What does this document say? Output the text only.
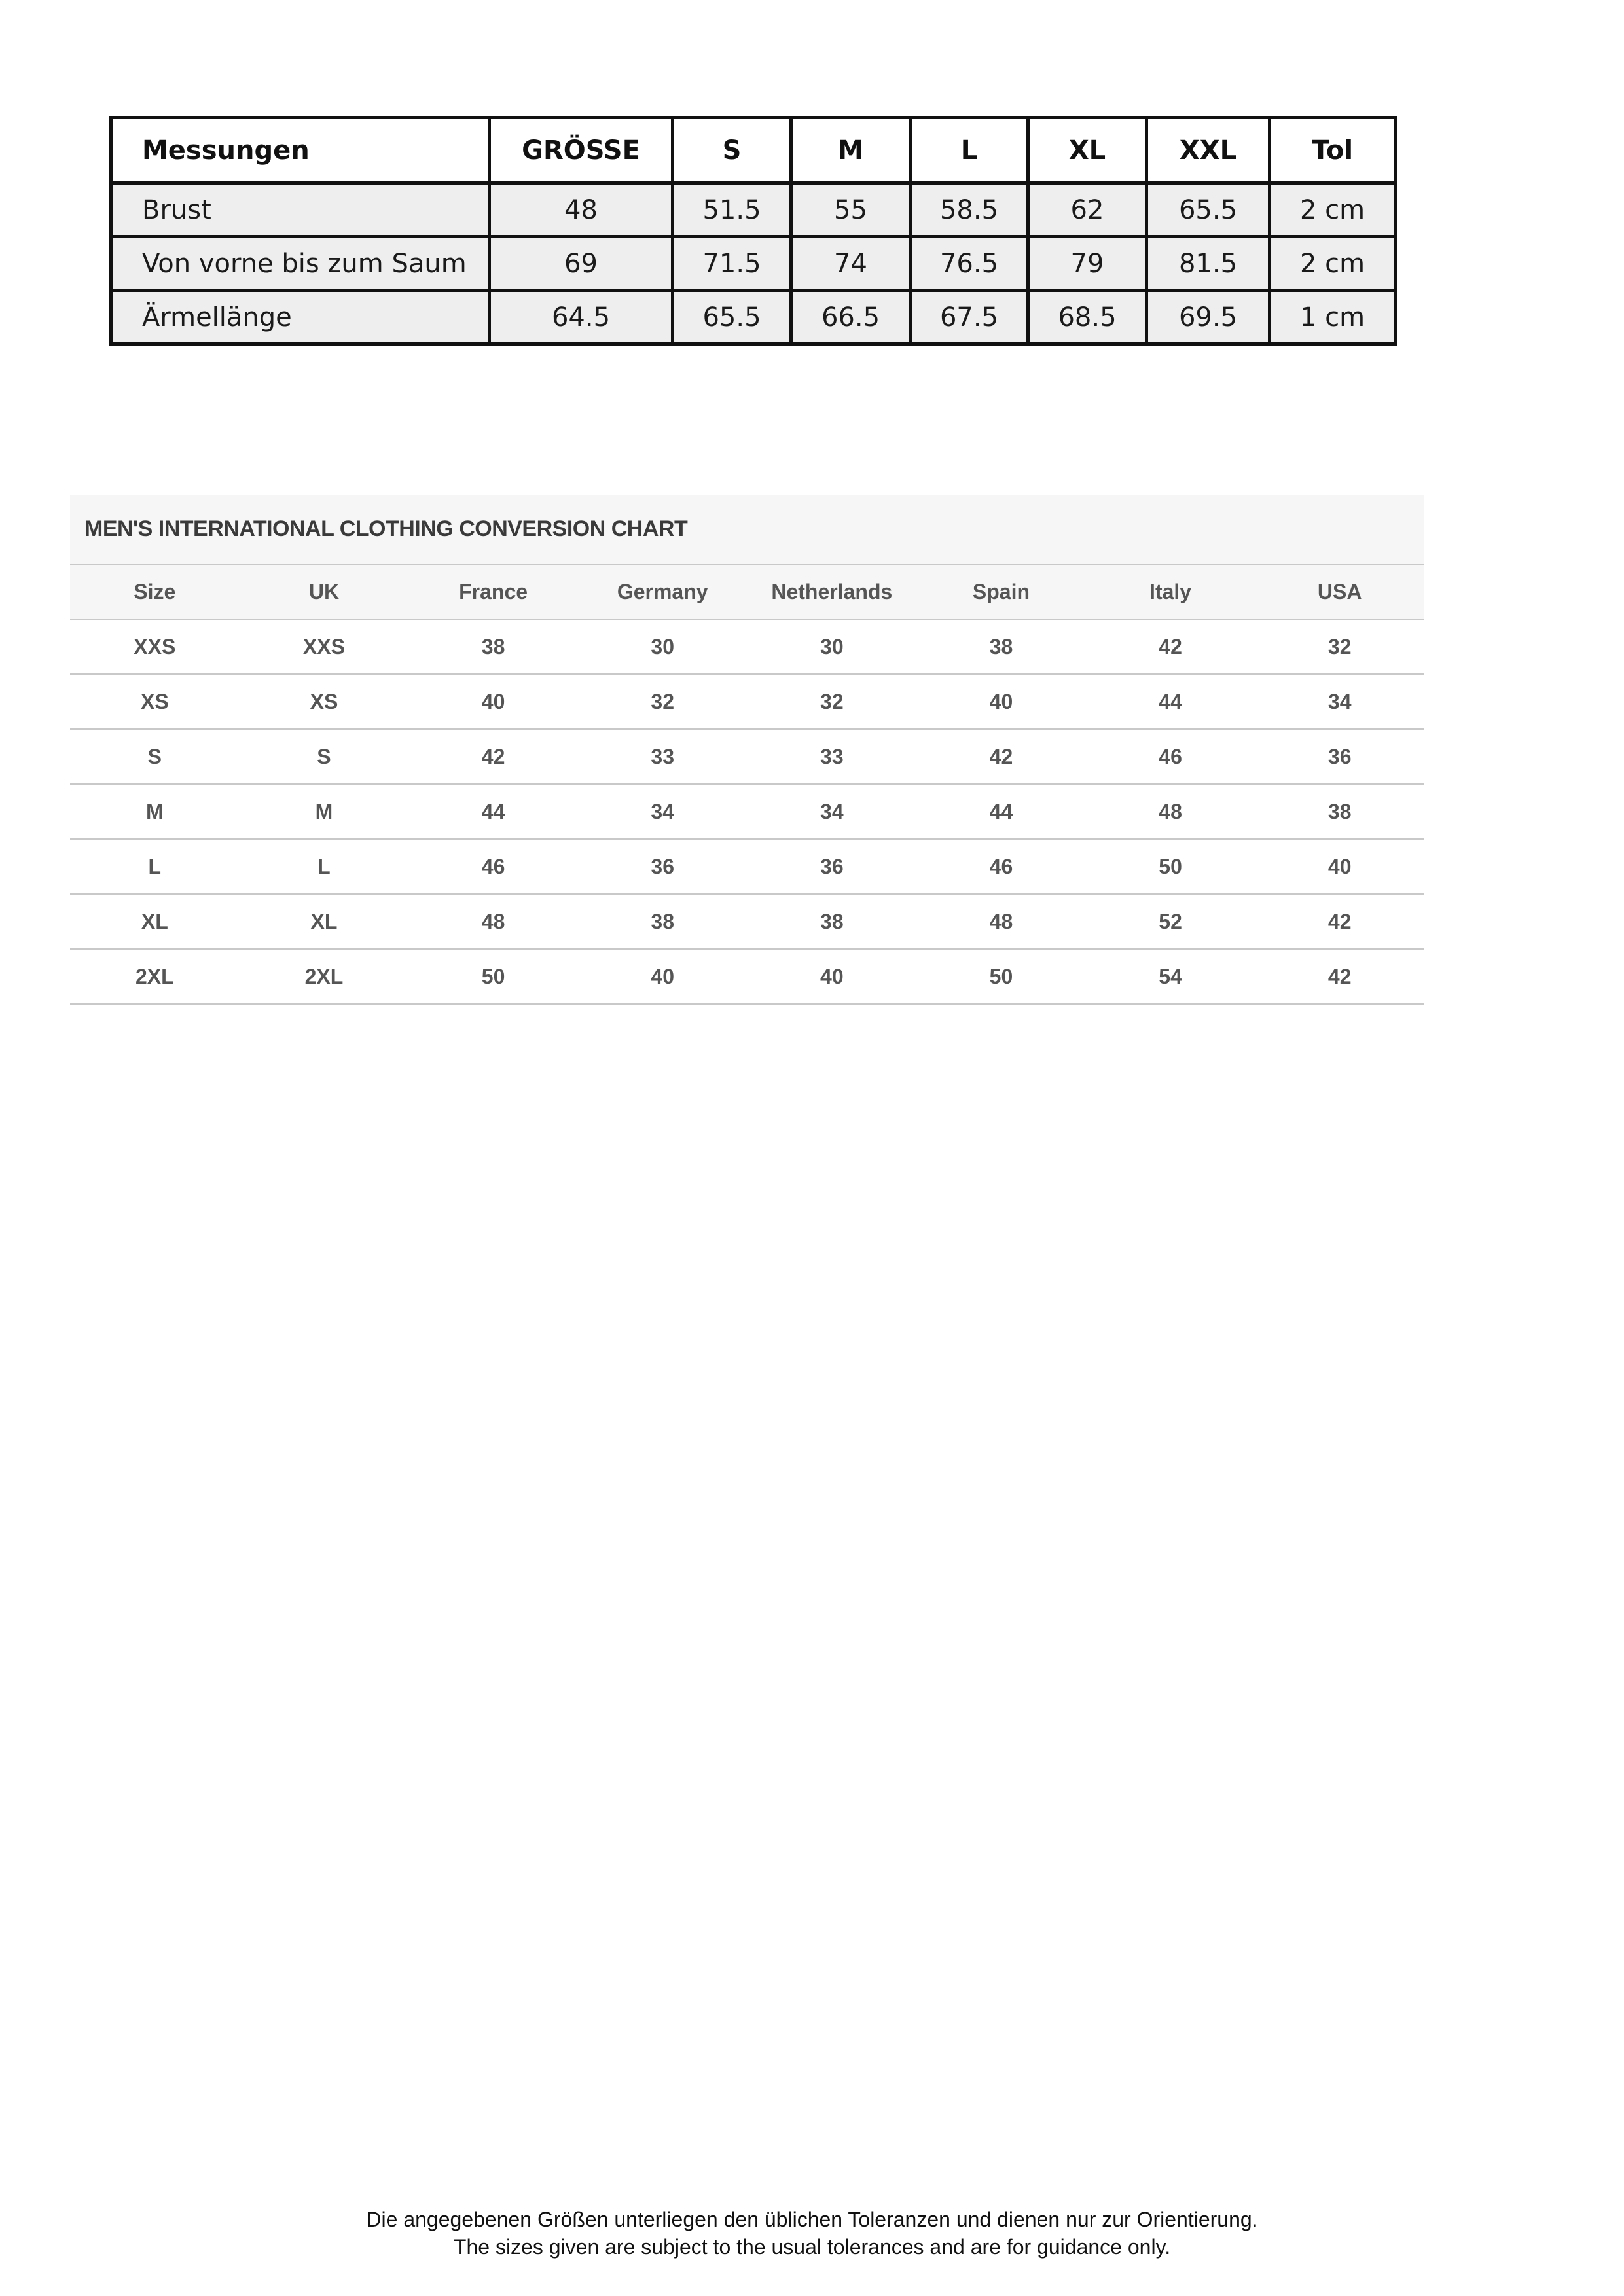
Messungen	GRÖSSE	S	M	L	XL	XXL	Tol
Brust	48	51.5	55	58.5	62	65.5	2 cm
Von vorne bis zum Saum	69	71.5	74	76.5	79	81.5	2 cm
Ärmellänge	64.5	65.5	66.5	67.5	68.5	69.5	1 cm
MEN'S INTERNATIONAL CLOTHING CONVERSION CHART
Size	UK	France	Germany	Netherlands	Spain	Italy	USA
XXS	XXS	38	30	30	38	42	32
XS	XS	40	32	32	40	44	34
S	S	42	33	33	42	46	36
M	M	44	34	34	44	48	38
L	L	46	36	36	46	50	40
XL	XL	48	38	38	48	52	42
2XL	2XL	50	40	40	50	54	42
Die angegebenen Größen unterliegen den üblichen Toleranzen und dienen nur zur Orientierung.
The sizes given are subject to the usual tolerances and are for guidance only.
